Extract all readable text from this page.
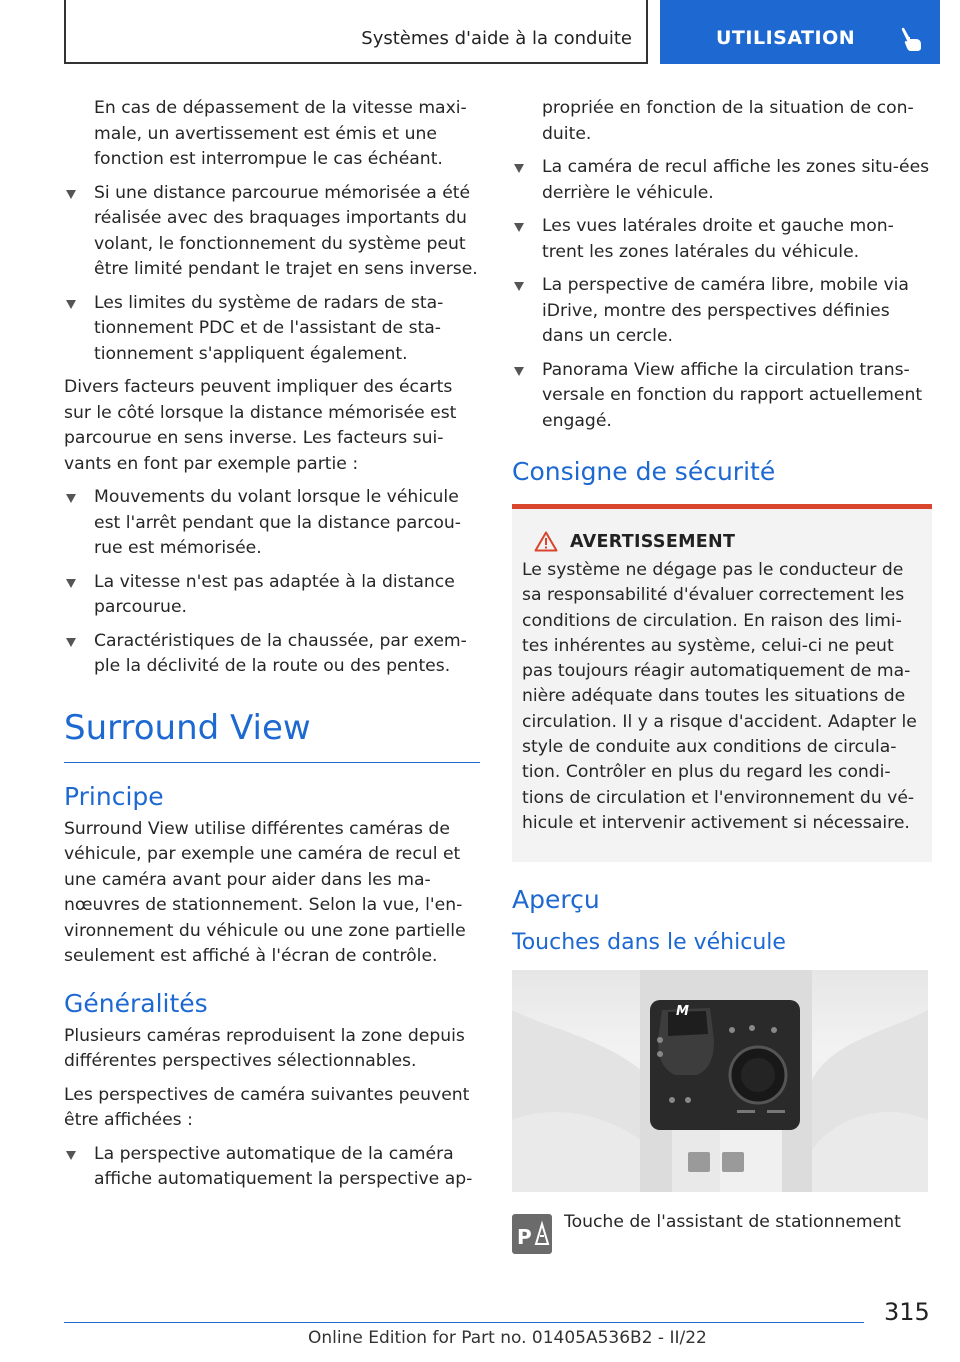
Systèmes d'aide à la conduite	UTILISATION

En cas de dépassement de la vitesse maxi-male, un avertissement est émis et une fonction est interrompue le cas échéant.

Si une distance parcourue mémorisée a été réalisée avec des braquages importants du volant, le fonctionnement du système peut être limité pendant le trajet en sens inverse.
Les limites du système de radars de sta-tionnement PDC et de l'assistant de sta-tionnement s'appliquent également.

Divers facteurs peuvent impliquer des écarts sur le côté lorsque la distance mémorisée est parcourue en sens inverse. Les facteurs sui-vants en font par exemple partie :

Mouvements du volant lorsque le véhicule est l'arrêt pendant que la distance parcou-rue est mémorisée.
La vitesse n'est pas adaptée à la distance parcourue.
Caractéristiques de la chaussée, par exem-ple la déclivité de la route ou des pentes.
Surround View
Principe

Surround View utilise différentes caméras de véhicule, par exemple une caméra de recul et une caméra avant pour aider dans les ma-nœuvres de stationnement. Selon la vue, l'en-vironnement du véhicule ou une zone partielle seulement est affiché à l'écran de contrôle.

Généralités

Plusieurs caméras reproduisent la zone depuis différentes perspectives sélectionnables.

Les perspectives de caméra suivantes peuvent être affichées :

La perspective automatique de la caméra affiche automatiquement la perspective ap-

propriée en fonction de la situation de con-duite.

La caméra de recul affiche les zones situ-ées derrière le véhicule.
Les vues latérales droite et gauche mon-trent les zones latérales du véhicule.
La perspective de caméra libre, mobile via iDrive, montre des perspectives définies dans un cercle.
Panorama View affiche la circulation trans-versale en fonction du rapport actuellement engagé.
Consigne de sécurité
AVERTISSEMENT

Le système ne dégage pas le conducteur de sa responsabilité d'évaluer correctement les conditions de circulation. En raison des limi-tes inhérentes au système, celui-ci ne peut pas toujours réagir automatiquement de ma-nière adéquate dans toutes les situations de circulation. Il y a risque d'accident. Adapter le style de conduite aux conditions de circula-tion. Contrôler en plus du regard les condi-tions de circulation et l'environnement du vé-hicule et intervenir activement si nécessaire.

Aperçu
Touches dans le véhicule
M
P
Touche de l'assistant de stationnement
315
Online Edition for Part no. 01405A536B2 - II/22
